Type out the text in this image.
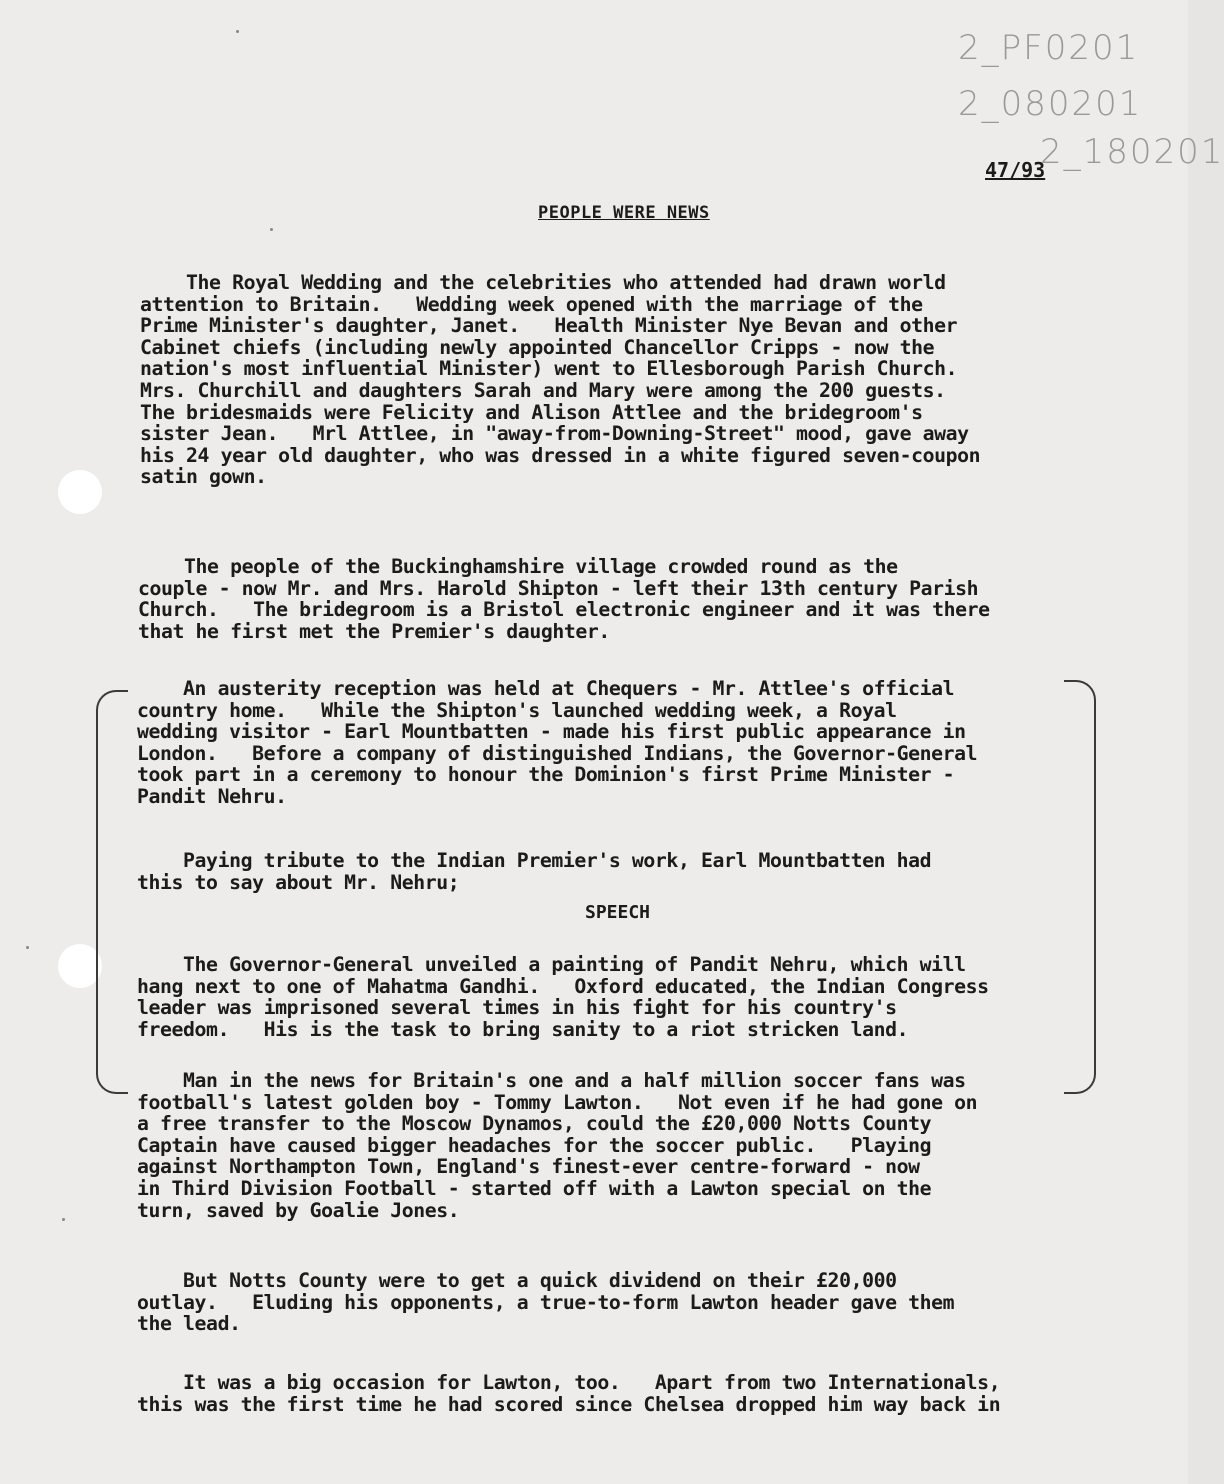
2_PF0201
2_080201
2_180201
47/93
PEOPLE WERE NEWS

The Royal Wedding and the celebrities who attended had drawn world
attention to Britain.   Wedding week opened with the marriage of the
Prime Minister's daughter, Janet.   Health Minister Nye Bevan and other
Cabinet chiefs (including newly appointed Chancellor Cripps - now the
nation's most influential Minister) went to Ellesborough Parish Church.
Mrs. Churchill and daughters Sarah and Mary were among the 200 guests.
The bridesmaids were Felicity and Alison Attlee and the bridegroom's
sister Jean.   Mrl Attlee, in "away-from-Downing-Street" mood, gave away
his 24 year old daughter, who was dressed in a white figured seven-coupon
satin gown.

The people of the Buckinghamshire village crowded round as the
couple - now Mr. and Mrs. Harold Shipton - left their 13th century Parish
Church.   The bridegroom is a Bristol electronic engineer and it was there
that he first met the Premier's daughter.

An austerity reception was held at Chequers - Mr. Attlee's official
country home.   While the Shipton's launched wedding week, a Royal
wedding visitor - Earl Mountbatten - made his first public appearance in
London.   Before a company of distinguished Indians, the Governor-General
took part in a ceremony to honour the Dominion's first Prime Minister -
Pandit Nehru.

Paying tribute to the Indian Premier's work, Earl Mountbatten had
this to say about Mr. Nehru;

SPEECH

The Governor-General unveiled a painting of Pandit Nehru, which will
hang next to one of Mahatma Gandhi.   Oxford educated, the Indian Congress
leader was imprisoned several times in his fight for his country's
freedom.   His is the task to bring sanity to a riot stricken land.

Man in the news for Britain's one and a half million soccer fans was
football's latest golden boy - Tommy Lawton.   Not even if he had gone on
a free transfer to the Moscow Dynamos, could the £20,000 Notts County
Captain have caused bigger headaches for the soccer public.   Playing
against Northampton Town, England's finest-ever centre-forward - now
in Third Division Football - started off with a Lawton special on the
turn, saved by Goalie Jones.

But Notts County were to get a quick dividend on their £20,000
outlay.   Eluding his opponents, a true-to-form Lawton header gave them
the lead.

It was a big occasion for Lawton, too.   Apart from two Internationals,
this was the first time he had scored since Chelsea dropped him way back in
